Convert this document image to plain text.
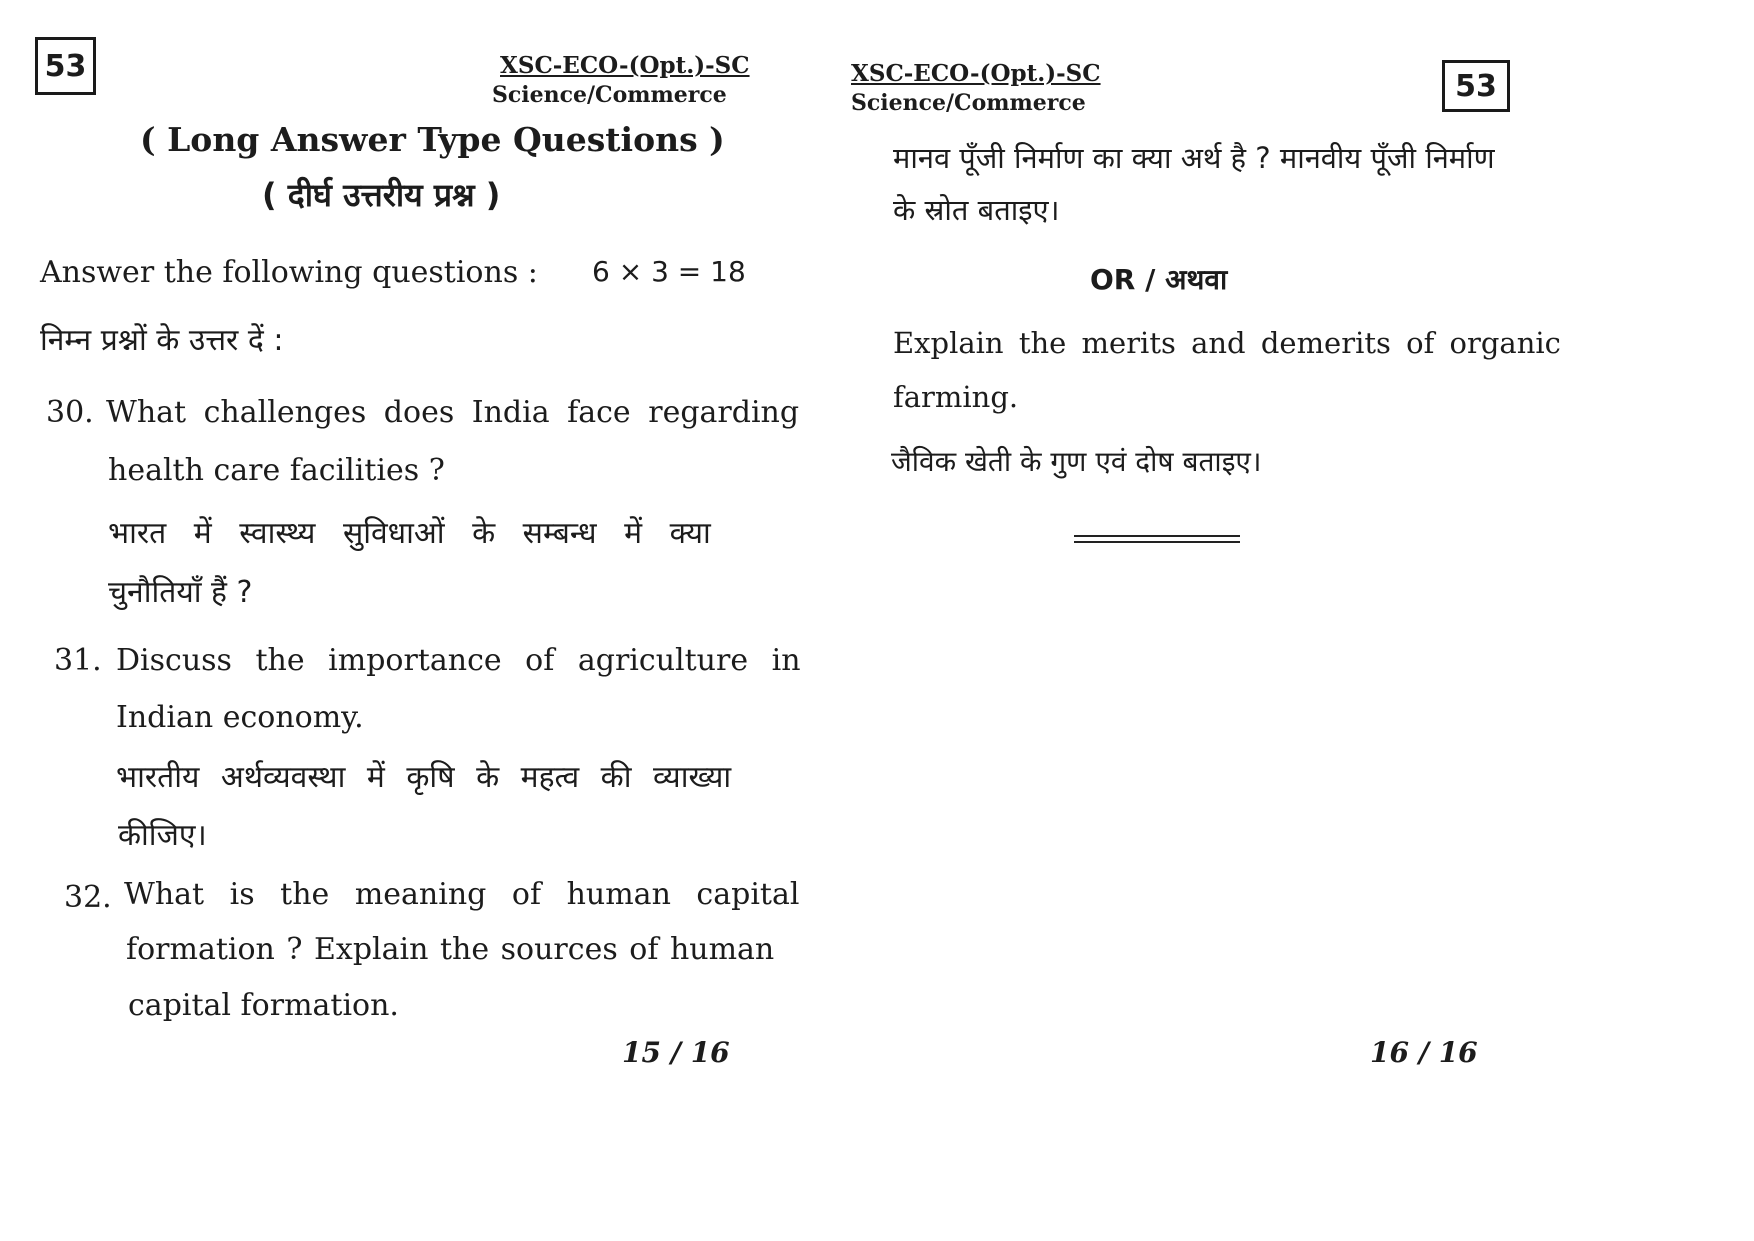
53	XSC-ECO-(Opt.)-SC
Science/Commerce
( Long Answer Type Questions )
( दीर्घ उत्तरीय प्रश्न )
Answer the following questions : 6 × 3 = 18
निम्न प्रश्नों के उत्तर दें :
30. What challenges does India face regarding
health care facilities ?
भारत में स्वास्थ्य सुविधाओं के सम्बन्ध में क्या
चुनौतियाँ हैं ?
31. Discuss the importance of agriculture in
Indian economy.
भारतीय अर्थव्यवस्था में कृषि के महत्व की व्याख्या
कीजिए।
32. What is the meaning of human capital
formation ? Explain the sources of human
capital formation.
15 / 16
XSC-ECO-(Opt.)-SC
Science/Commerce	53
मानव पूँजी निर्माण का क्या अर्थ है ? मानवीय पूँजी निर्माण
के स्रोत बताइए।
OR / अथवा
Explain the merits and demerits of organic
farming.
जैविक खेती के गुण एवं दोष बताइए।
16 / 16
